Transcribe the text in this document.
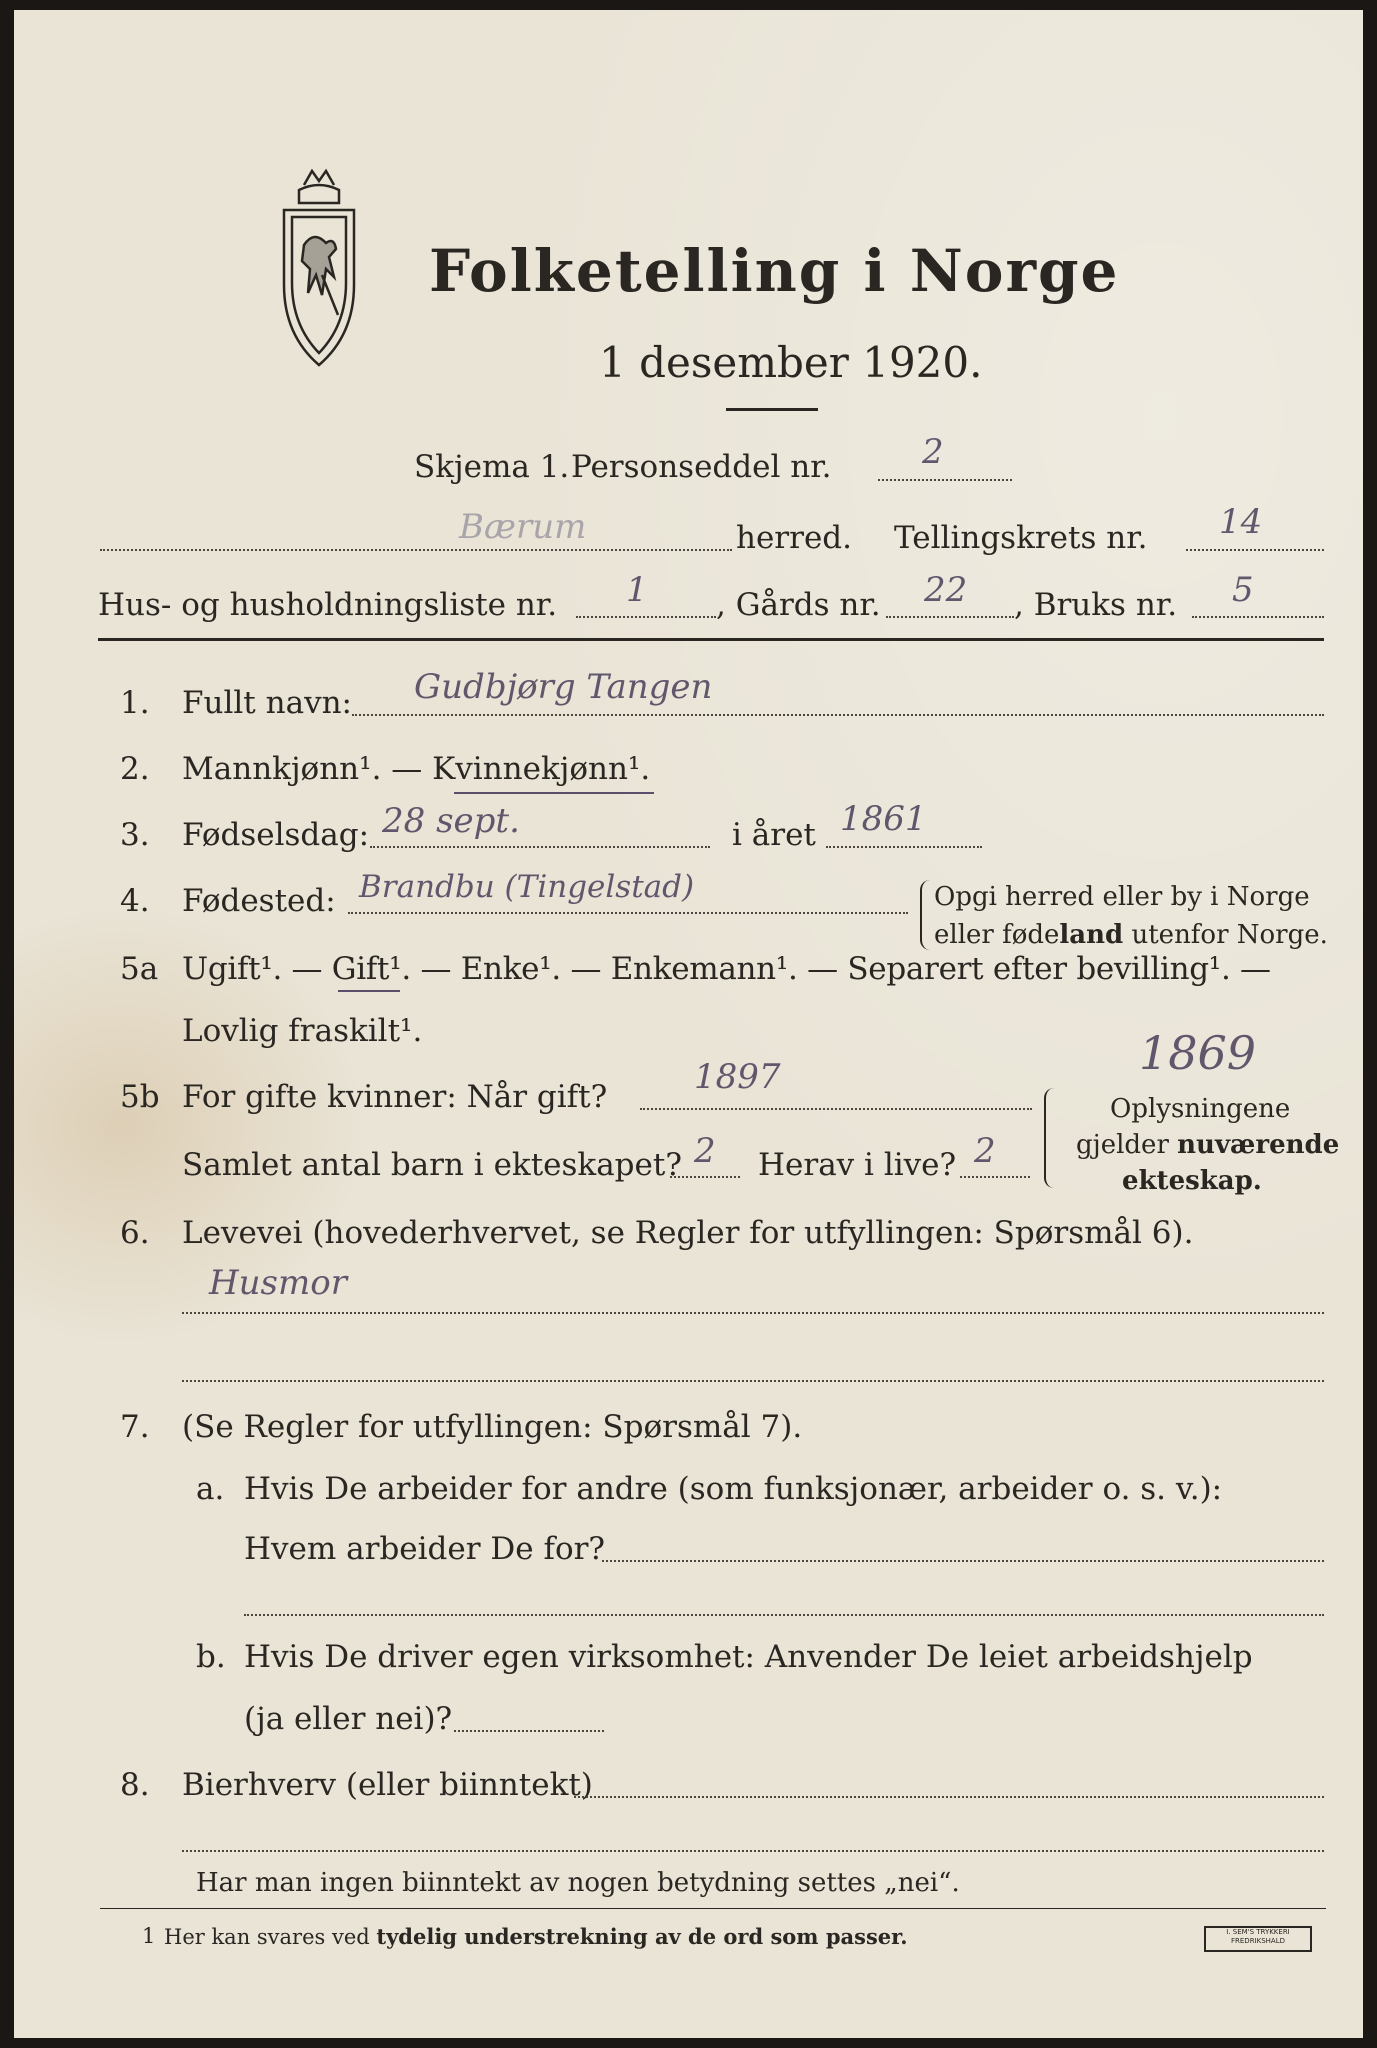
Folketelling i Norge
1 desember 1920.
Skjema 1. Personseddel nr.	2
Bærum	herred. Tellingskrets nr. 14
Hus- og husholdningsliste nr. 1 , Gårds nr. 22 , Bruks nr. 5
1. Fullt navn: Gudbjørg Tangen
2. Mannkjønn¹. — Kvinnekjønn¹.
3. Fødselsdag: 28 sept.	i året 1861
4. Fødested: Brandbu (Tingelstad)	Opgi herred eller by i Norge
eller fødeland utenfor Norge.
5a Ugift¹. — Gift¹. — Enke¹. — Enkemann¹. — Separert efter bevilling¹. —
Lovlig fraskilt¹.	1869
5b For gifte kvinner: Når gift?	1897
Samlet antal barn i ekteskapet? 2 Herav i live? 2
Oplysningene
gjelder nuværende
ekteskap.
6. Levevei (hovederhvervet, se Regler for utfyllingen: Spørsmål 6).
Husmor
7. (Se Regler for utfyllingen: Spørsmål 7).
a. Hvis De arbeider for andre (som funksjonær, arbeider o. s. v.):
Hvem arbeider De for?
b. Hvis De driver egen virksomhet: Anvender De leiet arbeidshjelp
(ja eller nei)?
8. Bierhverv (eller biinntekt)
Har man ingen biinntekt av nogen betydning settes „nei“.
1 Her kan svares ved tydelig understrekning av de ord som passer.	I. SEM'S TRYKKERI FREDRIKSHALD
